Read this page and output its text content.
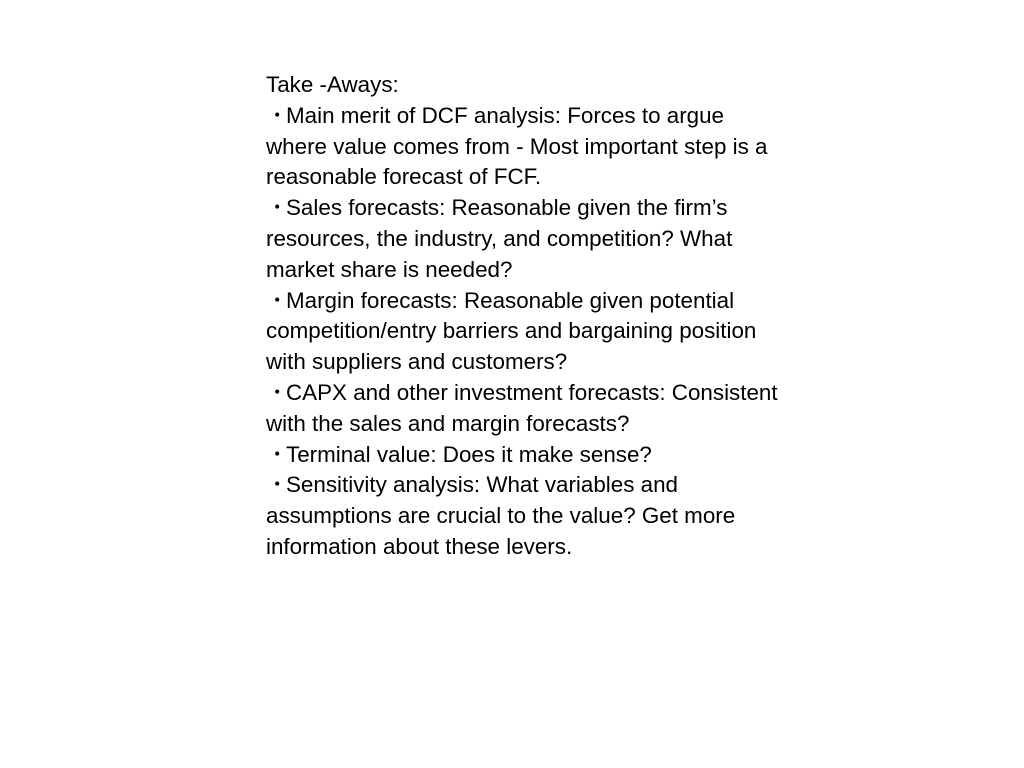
Take -Aways:

・Main merit of DCF analysis: Forces to argue where value comes from - Most important step is a reasonable forecast of FCF.
・Sales forecasts: Reasonable given the firm’s resources, the industry, and competition? What market share is needed?
・Margin forecasts: Reasonable given potential competition/entry barriers and bargaining position with suppliers and customers?
・CAPX and other investment forecasts: Consistent with the sales and margin forecasts?
・Terminal value: Does it make sense?
・Sensitivity analysis: What variables and assumptions are crucial to the value? Get more information about these levers.
